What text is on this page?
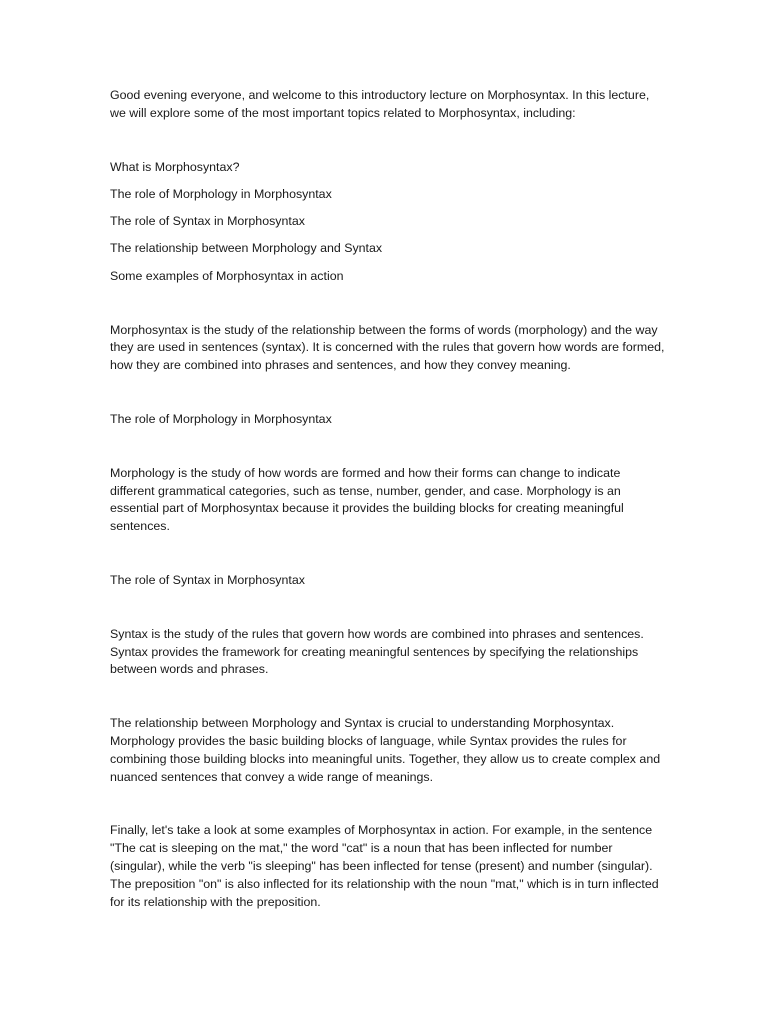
Good evening everyone, and welcome to this introductory lecture on Morphosyntax. In this lecture, we will explore some of the most important topics related to Morphosyntax, including:

What is Morphosyntax?
The role of Morphology in Morphosyntax
The role of Syntax in Morphosyntax
The relationship between Morphology and Syntax
Some examples of Morphosyntax in action

Morphosyntax is the study of the relationship between the forms of words (morphology) and the way they are used in sentences (syntax). It is concerned with the rules that govern how words are formed, how they are combined into phrases and sentences, and how they convey meaning.

The role of Morphology in Morphosyntax

Morphology is the study of how words are formed and how their forms can change to indicate different grammatical categories, such as tense, number, gender, and case. Morphology is an essential part of Morphosyntax because it provides the building blocks for creating meaningful sentences.

The role of Syntax in Morphosyntax

Syntax is the study of the rules that govern how words are combined into phrases and sentences. Syntax provides the framework for creating meaningful sentences by specifying the relationships between words and phrases.

The relationship between Morphology and Syntax is crucial to understanding Morphosyntax. Morphology provides the basic building blocks of language, while Syntax provides the rules for combining those building blocks into meaningful units. Together, they allow us to create complex and nuanced sentences that convey a wide range of meanings.

Finally, let's take a look at some examples of Morphosyntax in action. For example, in the sentence "The cat is sleeping on the mat," the word "cat" is a noun that has been inflected for number (singular), while the verb "is sleeping" has been inflected for tense (present) and number (singular). The preposition "on" is also inflected for its relationship with the noun "mat," which is in turn inflected for its relationship with the preposition.
